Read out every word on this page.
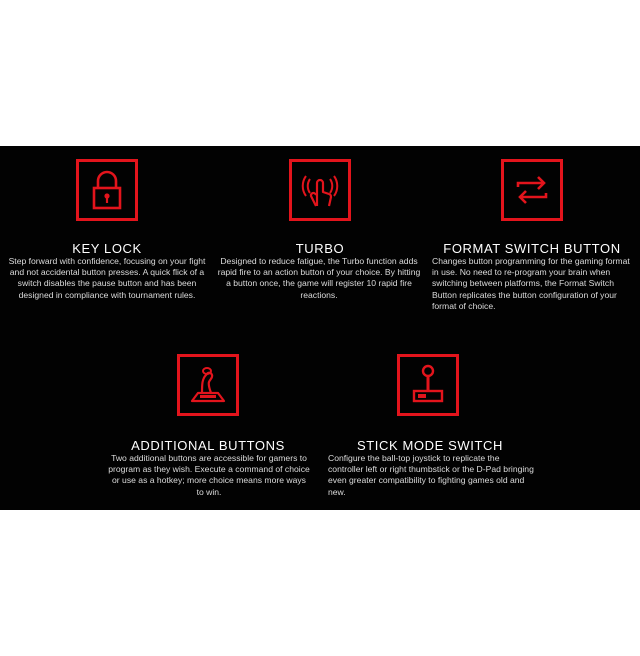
KEY LOCK
Step forward with confidence, focusing on your fight and not accidental button presses. A quick flick of a switch disables the pause button and has been designed in compliance with tournament rules.
TURBO
Designed to reduce fatigue, the Turbo function adds rapid fire to an action button of your choice. By hitting a button once, the game will register 10 rapid fire reactions.
FORMAT SWITCH BUTTON
Changes button programming for the gaming format in use. No need to re-program your brain when switching between platforms, the Format Switch Button replicates the button configuration of your format of choice.
ADDITIONAL BUTTONS
Two additional buttons are accessible for gamers to program as they wish. Execute a command of choice or use as a hotkey; more choice means more ways to win.
STICK MODE SWITCH
Configure the ball-top joystick to replicate the controller left or right thumbstick or the D-Pad bringing even greater compatibility to fighting games old and new.
